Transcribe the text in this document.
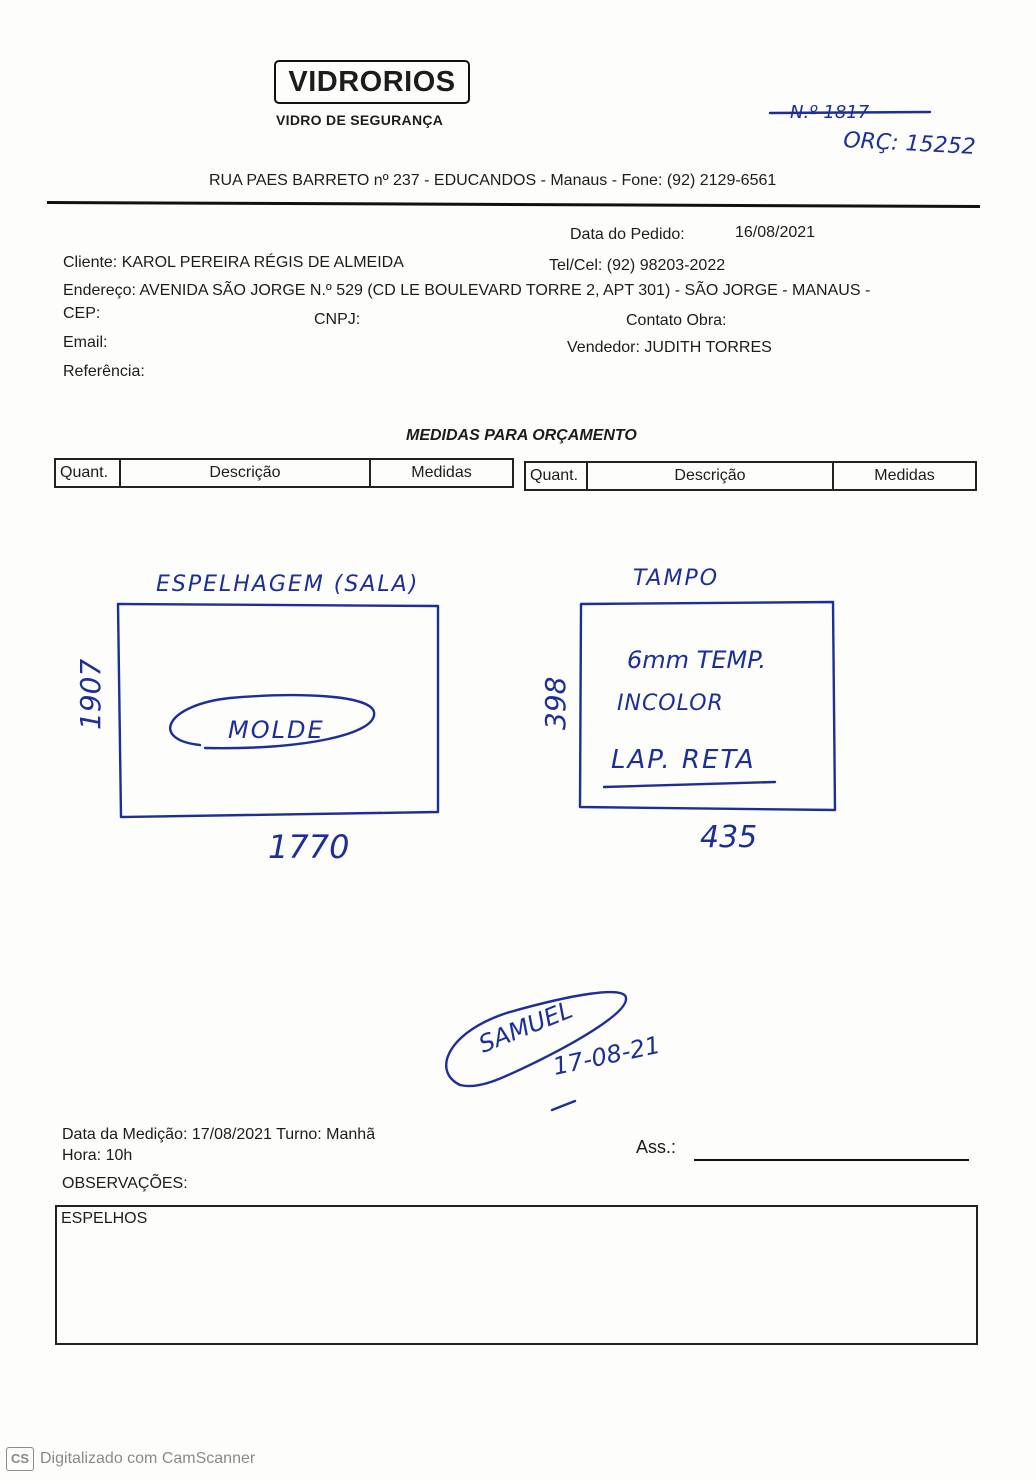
VIDRORIOS
VIDRO DE SEGURANÇA
RUA PAES BARRETO nº 237 - EDUCANDOS - Manaus - Fone: (92) 2129-6561
Data do Pedido:	16/08/2021
Cliente: KAROL PEREIRA RÉGIS DE ALMEIDA	Tel/Cel: (92) 98203-2022
Endereço: AVENIDA SÃO JORGE N.º 529 (CD LE BOULEVARD TORRE 2, APT 301) - SÃO JORGE - MANAUS -
CEP:	CNPJ:	Contato Obra:
Email:	Vendedor: JUDITH TORRES
Referência:
MEDIDAS PARA ORÇAMENTO
Quant.	Descrição	Medidas	Quant.	Descrição	Medidas
N.º 1817
ORÇ: 15252
ESPELHAGEM (SALA)
1907
1770
MOLDE
TAMPO
398
435
6mm TEMP.
INCOLOR
LAP. RETA
SAMUEL
17-08-21
Data da Medição: 17/08/2021 Turno: Manhã
Hora: 10h	Ass.:
OBSERVAÇÕES:
ESPELHOS
CS Digitalizado com CamScanner
